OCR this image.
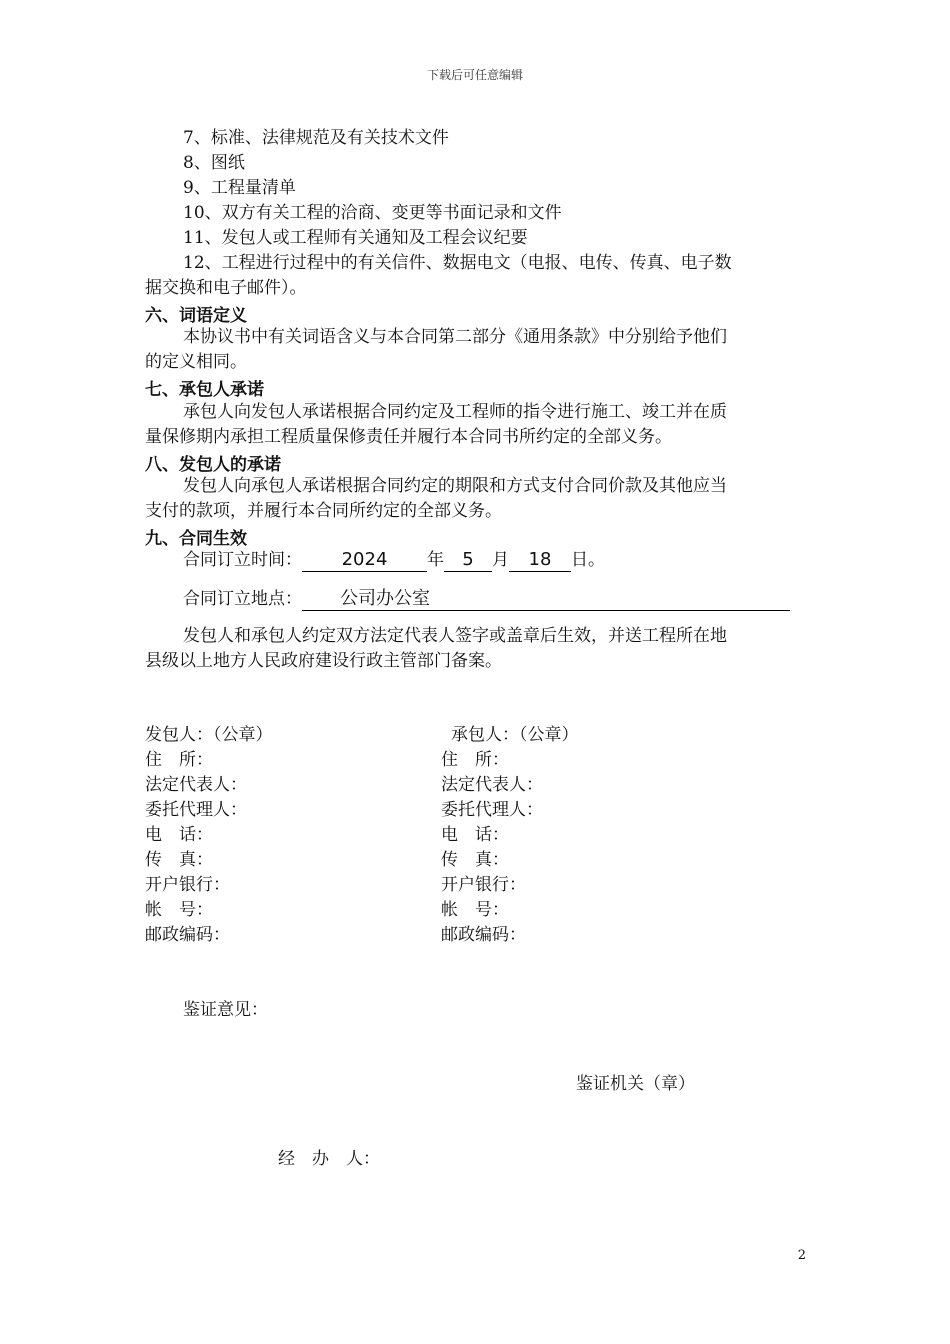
下载后可任意编辑
7、标准、法律规范及有关技术文件
8、图纸
9、工程量清单
10、双方有关工程的洽商、变更等书面记录和文件
11、发包人或工程师有关通知及工程会议纪要
12、工程进行过程中的有关信件、数据电文（电报、电传、传真、电子数
据交换和电子邮件）。
六、词语定义
本协议书中有关词语含义与本合同第二部分《通用条款》中分别给予他们
的定义相同。
七、承包人承诺
承包人向发包人承诺根据合同约定及工程师的指令进行施工、竣工并在质
量保修期内承担工程质量保修责任并履行本合同书所约定的全部义务。
八、发包人的承诺
发包人向承包人承诺根据合同约定的期限和方式支付合同价款及其他应当
支付的款项，并履行本合同所约定的全部义务。
九、合同生效
合同订立时间： 2024 年 5 月 18 日。
合同订立地点： 公司办公室
发包人和承包人约定双方法定代表人签字或盖章后生效，并送工程所在地
县级以上地方人民政府建设行政主管部门备案。
发包人：（公章）
住　所：
法定代表人：
委托代理人：
电　话：
传　真：
开户银行：
帐　号：
邮政编码：
承包人：（公章）
住　所：
法定代表人：
委托代理人：
电　话：
传　真：
开户银行：
帐　号：
邮政编码：
鉴证意见：
鉴证机关（章）
经　办　人：
2
